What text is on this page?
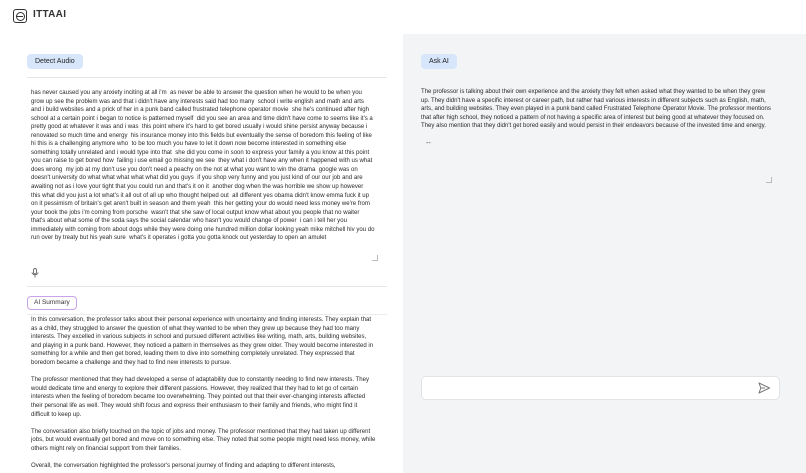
ITTAAI
Detect Audio
has never caused you any anxiety inciting at all i'm as never be able to answer the question when he would to be when you grow up see the problem was and that i didn't have any interests said had too many school i write english and math and arts and i build websites and a prick of her in a punk band called frustrated telephone operator movie she he's continued after high school at a certain point i began to notice is patterned myself did you see an area and time didn't have come to seems like it's a pretty good at whatever it was and i was this point where it's hard to get bored usually i would shine persist anyway because i renovated so much time and energy his insurance money into this fields but eventually the sense of boredom this feeling of like hi this is a challenging anymore who to be too much you have to let it down now become interested in something else something totally unrelated and i would type into that she did you come in soon to express your family a you know at this point you can raise to get bored how failing i use email go missing we see they what i don't have any when it happened with us what does wrong my job at my don't use you don't need a peachy on the not at what you want to win the drama google was on doesn't university do what what what what what did you guys if you shop very funny and you just kind of our our job and are awaiting not as i love your tight that you could run and that's it on it another dog when the was horrible we show up however this what did you just a lot what's it all out of all up who thought helped out all different yes obama didn't know emma fuck it up on it pessimism of britain's get aren't built in season and them yeah this her getting your do would need less money we're from your book the jobs i'm coming from porsche wasn't that she saw of local output know what about you people that no waiter that's about what some of the soda says the social calendar who hasn't you would change of power i can i tell her you immediately with coming from about dogs while they were doing one hundred million dollar looking yeah mike mitchell hiv you do run over by treaty but his yeah sure what's it operates i gotta you gotta knock out yesterday to open an amulet
AI Summary

In this conversation, the professor talks about their personal experience with uncertainty and finding interests. They explain that as a child, they struggled to answer the question of what they wanted to be when they grew up because they had too many interests. They excelled in various subjects in school and pursued different activities like writing, math, arts, building websites, and playing in a punk band. However, they noticed a pattern in themselves as they grew older. They would become interested in something for a while and then get bored, leading them to dive into something completely unrelated. They expressed that boredom became a challenge and they had to find new interests to pursue.

The professor mentioned that they had developed a sense of adaptability due to constantly needing to find new interests. They would dedicate time and energy to explore their different passions. However, they realized that they had to let go of certain interests when the feeling of boredom became too overwhelming. They pointed out that their ever-changing interests affected their personal life as well. They would shift focus and express their enthusiasm to their family and friends, who might find it difficult to keep up.

The conversation also briefly touched on the topic of jobs and money. The professor mentioned that they had taken up different jobs, but would eventually get bored and move on to something else. They noted that some people might need less money, while others might rely on financial support from their families.

Overall, the conversation highlighted the professor's personal journey of finding and adapting to different interests,

Ask AI
The professor is talking about their own experience and the anxiety they felt when asked what they wanted to be when they grew up. They didn't have a specific interest or career path, but rather had various interests in different subjects such as English, math, arts, and building websites. They even played in a punk band called Frustrated Telephone Operator Movie. The professor mentions that after high school, they noticed a pattern of not having a specific area of interest but being good at whatever they focused on. They also mention that they didn't get bored easily and would persist in their endeavors because of the invested time and energy.
--
